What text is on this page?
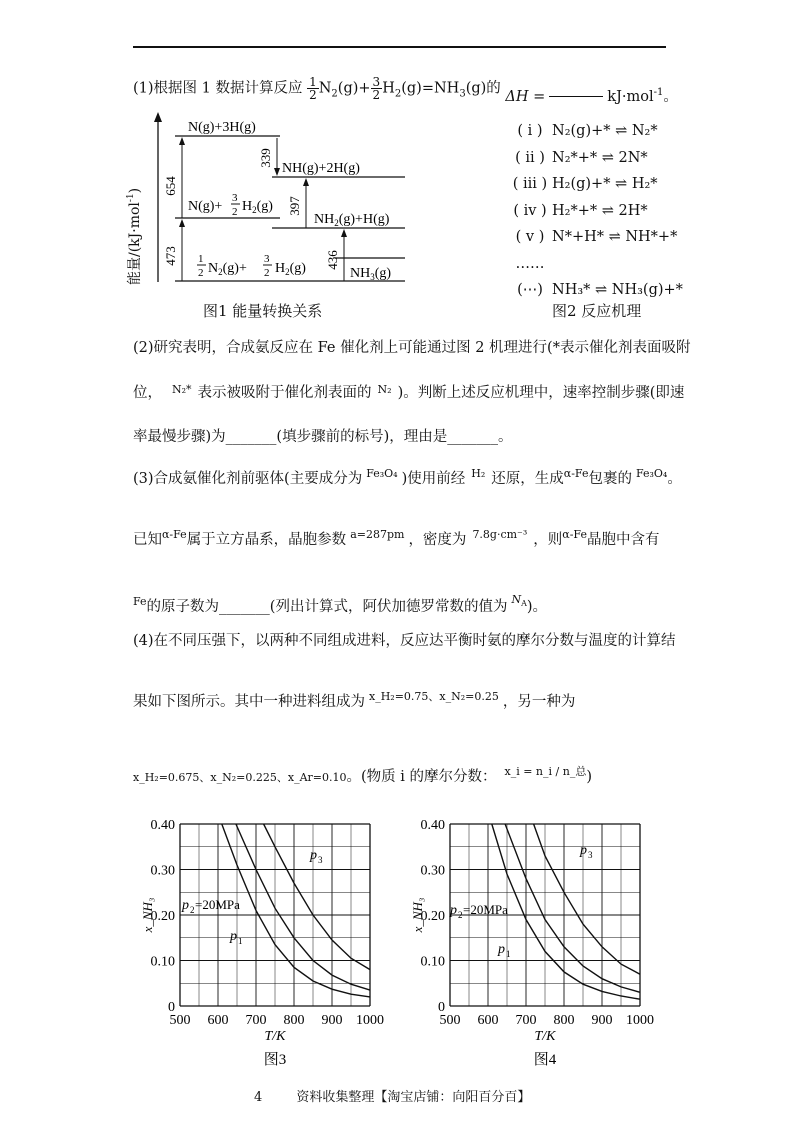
(1)根据图 1 数据计算反应 $\frac{1}{2}N_2(g)+\frac{3}{2}H_2(g)=NH_3(g)$的 ΔH =	kJ·mol$^{-1}$。
654
473
339
397
436
N(g)+3H(g)
N(g)+
3
2 $H_2(g)$
NH(g)+2H(g)
$NH_2(g)+H(g)$
1
2 $N_2(g)+$
3
2 $H_2(g)$	$NH_3(g)$
能量/(kJ·mol$^{-1}$)
图1 能量转换关系
( i ) N₂(g)+* ⇌ N₂*
( ii ) N₂*+* ⇌ 2N*
( iii ) H₂(g)+* ⇌ H₂*
( iv ) H₂*+* ⇌ 2H*
( v ) N*+H* ⇌ NH*+*
……
(⋯) NH₃* ⇌ NH₃(g)+*
图2 反应机理
(2)研究表明，合成氨反应在 Fe 催化剂上可能通过图 2 机理进行(*表示催化剂表面吸附
位， $^{N_2*}$ 表示被吸附于催化剂表面的 $^{N_2}$ )。判断上述反应机理中，速率控制步骤(即速
率最慢步骤)为_______(填步骤前的标号)，理由是_______。
(3)合成氨催化剂前驱体(主要成分为 $^{Fe_3O_4}$ )使用前经 $^{H_2}$ 还原，生成$^{\alpha-Fe}$包裹的 $^{Fe_3O_4}$。
已知$^{\alpha-Fe}$属于立方晶系，晶胞参数 $^{a=287pm}$ ，密度为 $^{7.8g\cdot cm^{-3}}$ ，则$^{\alpha-Fe}$晶胞中含有
$^{Fe}$的原子数为_______(列出计算式，阿伏加德罗常数的值为 $^{N_A}$)。
(4)在不同压强下，以两种不同组成进料，反应达平衡时氨的摩尔分数与温度的计算结
果如下图所示。其中一种进料组成为 $^{x\_H_2=0.75、x\_N_2=0.25}$ ，另一种为
x_H₂=0.675、x_N₂=0.225、x_Ar=0.10。(物质 i 的摩尔分数： $^{x\_i = n\_i / n\_总}$)
500 600 700 800 900 1000
0
0.10
0.20
0.30
0.40
p 3
p 2 =20MPa
p 1
T/K
x_NH₃
图3
500 600 700 800 900 1000
0
0.10
0.20
0.30
0.40
p 3
p 2 =20MPa
p 1
T/K
x_NH₃
图4
4	资料收集整理【淘宝店铺：向阳百分百】
